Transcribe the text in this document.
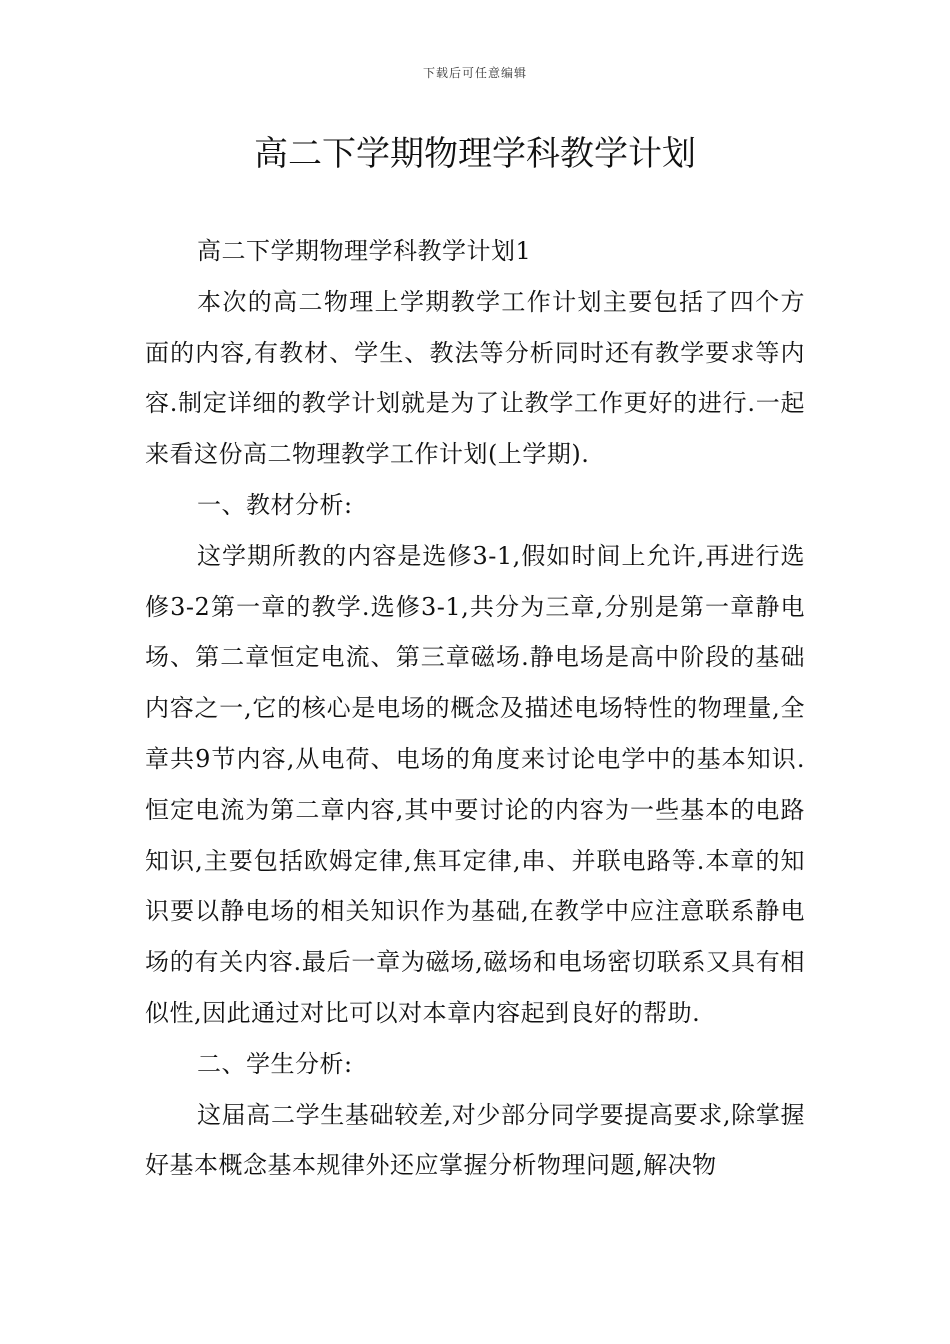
下载后可任意编辑
高二下学期物理学科教学计划

高二下学期物理学科教学计划1

本次的高二物理上学期教学工作计划主要包括了四个方面的内容,有教材、学生、教法等分析同时还有教学要求等内容.制定详细的教学计划就是为了让教学工作更好的进行.一起来看这份高二物理教学工作计划(上学期).

一、教材分析:

这学期所教的内容是选修3-1,假如时间上允许,再进行选修3-2第一章的教学.选修3-1,共分为三章,分别是第一章静电场、第二章恒定电流、第三章磁场.静电场是高中阶段的基础内容之一,它的核心是电场的概念及描述电场特性的物理量,全章共9节内容,从电荷、电场的角度来讨论电学中的基本知识.恒定电流为第二章内容,其中要讨论的内容为一些基本的电路知识,主要包括欧姆定律,焦耳定律,串、并联电路等.本章的知识要以静电场的相关知识作为基础,在教学中应注意联系静电场的有关内容.最后一章为磁场,磁场和电场密切联系又具有相似性,因此通过对比可以对本章内容起到良好的帮助.

二、学生分析:

这届高二学生基础较差,对少部分同学要提高要求,除掌握好基本概念基本规律外还应掌握分析物理问题,解决物
